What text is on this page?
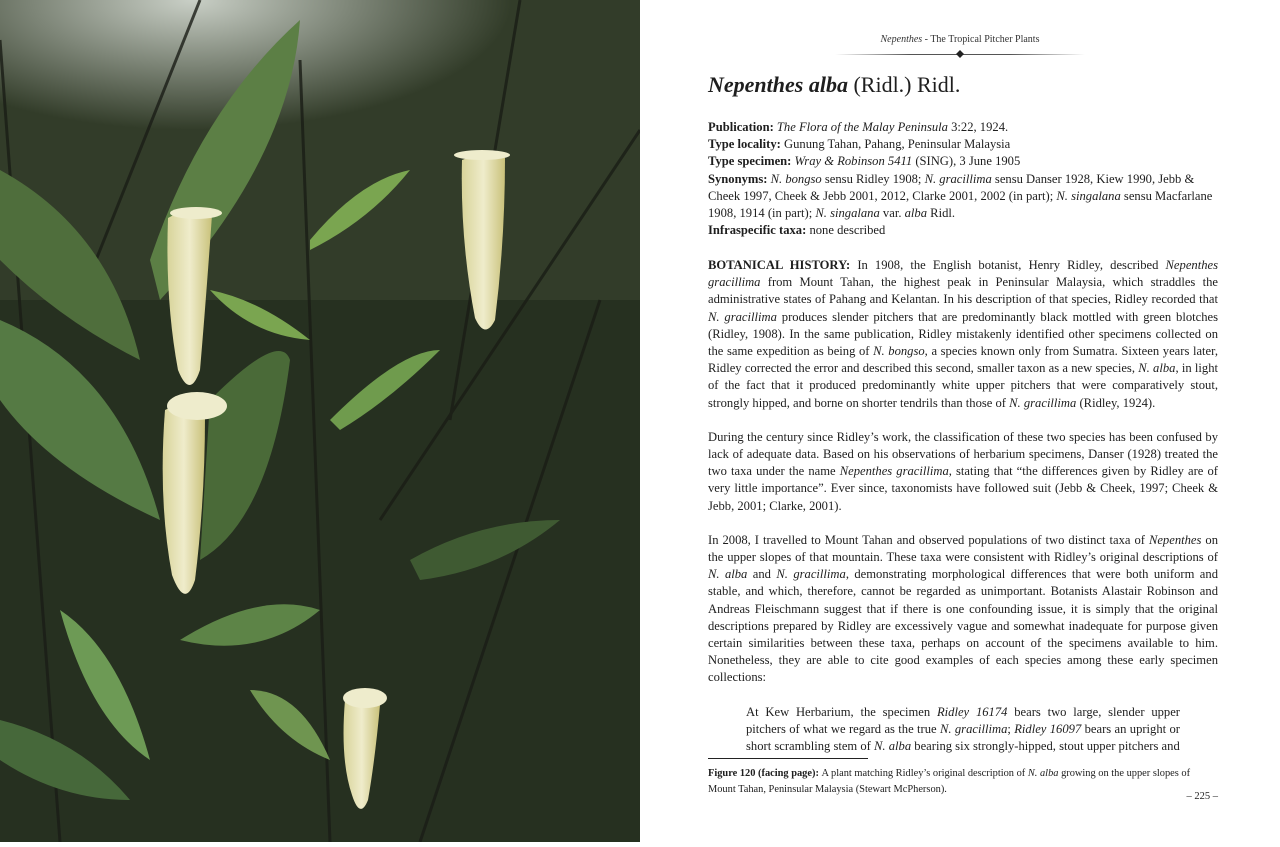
Nepenthes - The Tropical Pitcher Plants
Nepenthes alba (Ridl.) Ridl.
Publication: The Flora of the Malay Peninsula 3:22, 1924.
Type locality: Gunung Tahan, Pahang, Peninsular Malaysia
Type specimen: Wray & Robinson 5411 (SING), 3 June 1905
Synonyms: N. bongso sensu Ridley 1908; N. gracillima sensu Danser 1928, Kiew 1990, Jebb & Cheek 1997, Cheek & Jebb 2001, 2012, Clarke 2001, 2002 (in part); N. singalana sensu Macfarlane 1908, 1914 (in part); N. singalana var. alba Ridl.
Infraspecific taxa: none described

BOTANICAL HISTORY: In 1908, the English botanist, Henry Ridley, described Nepenthes gracillima from Mount Tahan, the highest peak in Peninsular Malaysia, which straddles the administrative states of Pahang and Kelantan. In his description of that species, Ridley recorded that N. gracillima produces slender pitchers that are predominantly black mottled with green blotches (Ridley, 1908). In the same publication, Ridley mistakenly identified other specimens collected on the same expedition as being of N. bongso, a species known only from Sumatra. Sixteen years later, Ridley corrected the error and described this second, smaller taxon as a new species, N. alba, in light of the fact that it produced predominantly white upper pitchers that were comparatively stout, strongly hipped, and borne on shorter tendrils than those of N. gracillima (Ridley, 1924).

During the century since Ridley’s work, the classification of these two species has been confused by lack of adequate data. Based on his observations of herbarium specimens, Danser (1928) treated the two taxa under the name Nepenthes gracillima, stating that “the differences given by Ridley are of very little importance”. Ever since, taxonomists have followed suit (Jebb & Cheek, 1997; Cheek & Jebb, 2001; Clarke, 2001).

In 2008, I travelled to Mount Tahan and observed populations of two distinct taxa of Nepenthes on the upper slopes of that mountain. These taxa were consistent with Ridley’s original descriptions of N. alba and N. gracillima, demonstrating morphological differences that were both uniform and stable, and which, therefore, cannot be regarded as unimportant. Botanists Alastair Robinson and Andreas Fleischmann suggest that if there is one confounding issue, it is simply that the original descriptions prepared by Ridley are excessively vague and somewhat inadequate for purpose given certain similarities between these taxa, perhaps on account of the specimens available to him. Nonetheless, they are able to cite good examples of each species among these early specimen collections:

At Kew Herbarium, the specimen Ridley 16174 bears two large, slender upper pitchers of what we regard as the true N. gracillima; Ridley 16097 bears an upright or short scrambling stem of N. alba bearing six strongly-hipped, stout upper pitchers and

Figure 120 (facing page): A plant matching Ridley’s original description of N. alba growing on the upper slopes of Mount Tahan, Peninsular Malaysia (Stewart McPherson).
– 225 –
